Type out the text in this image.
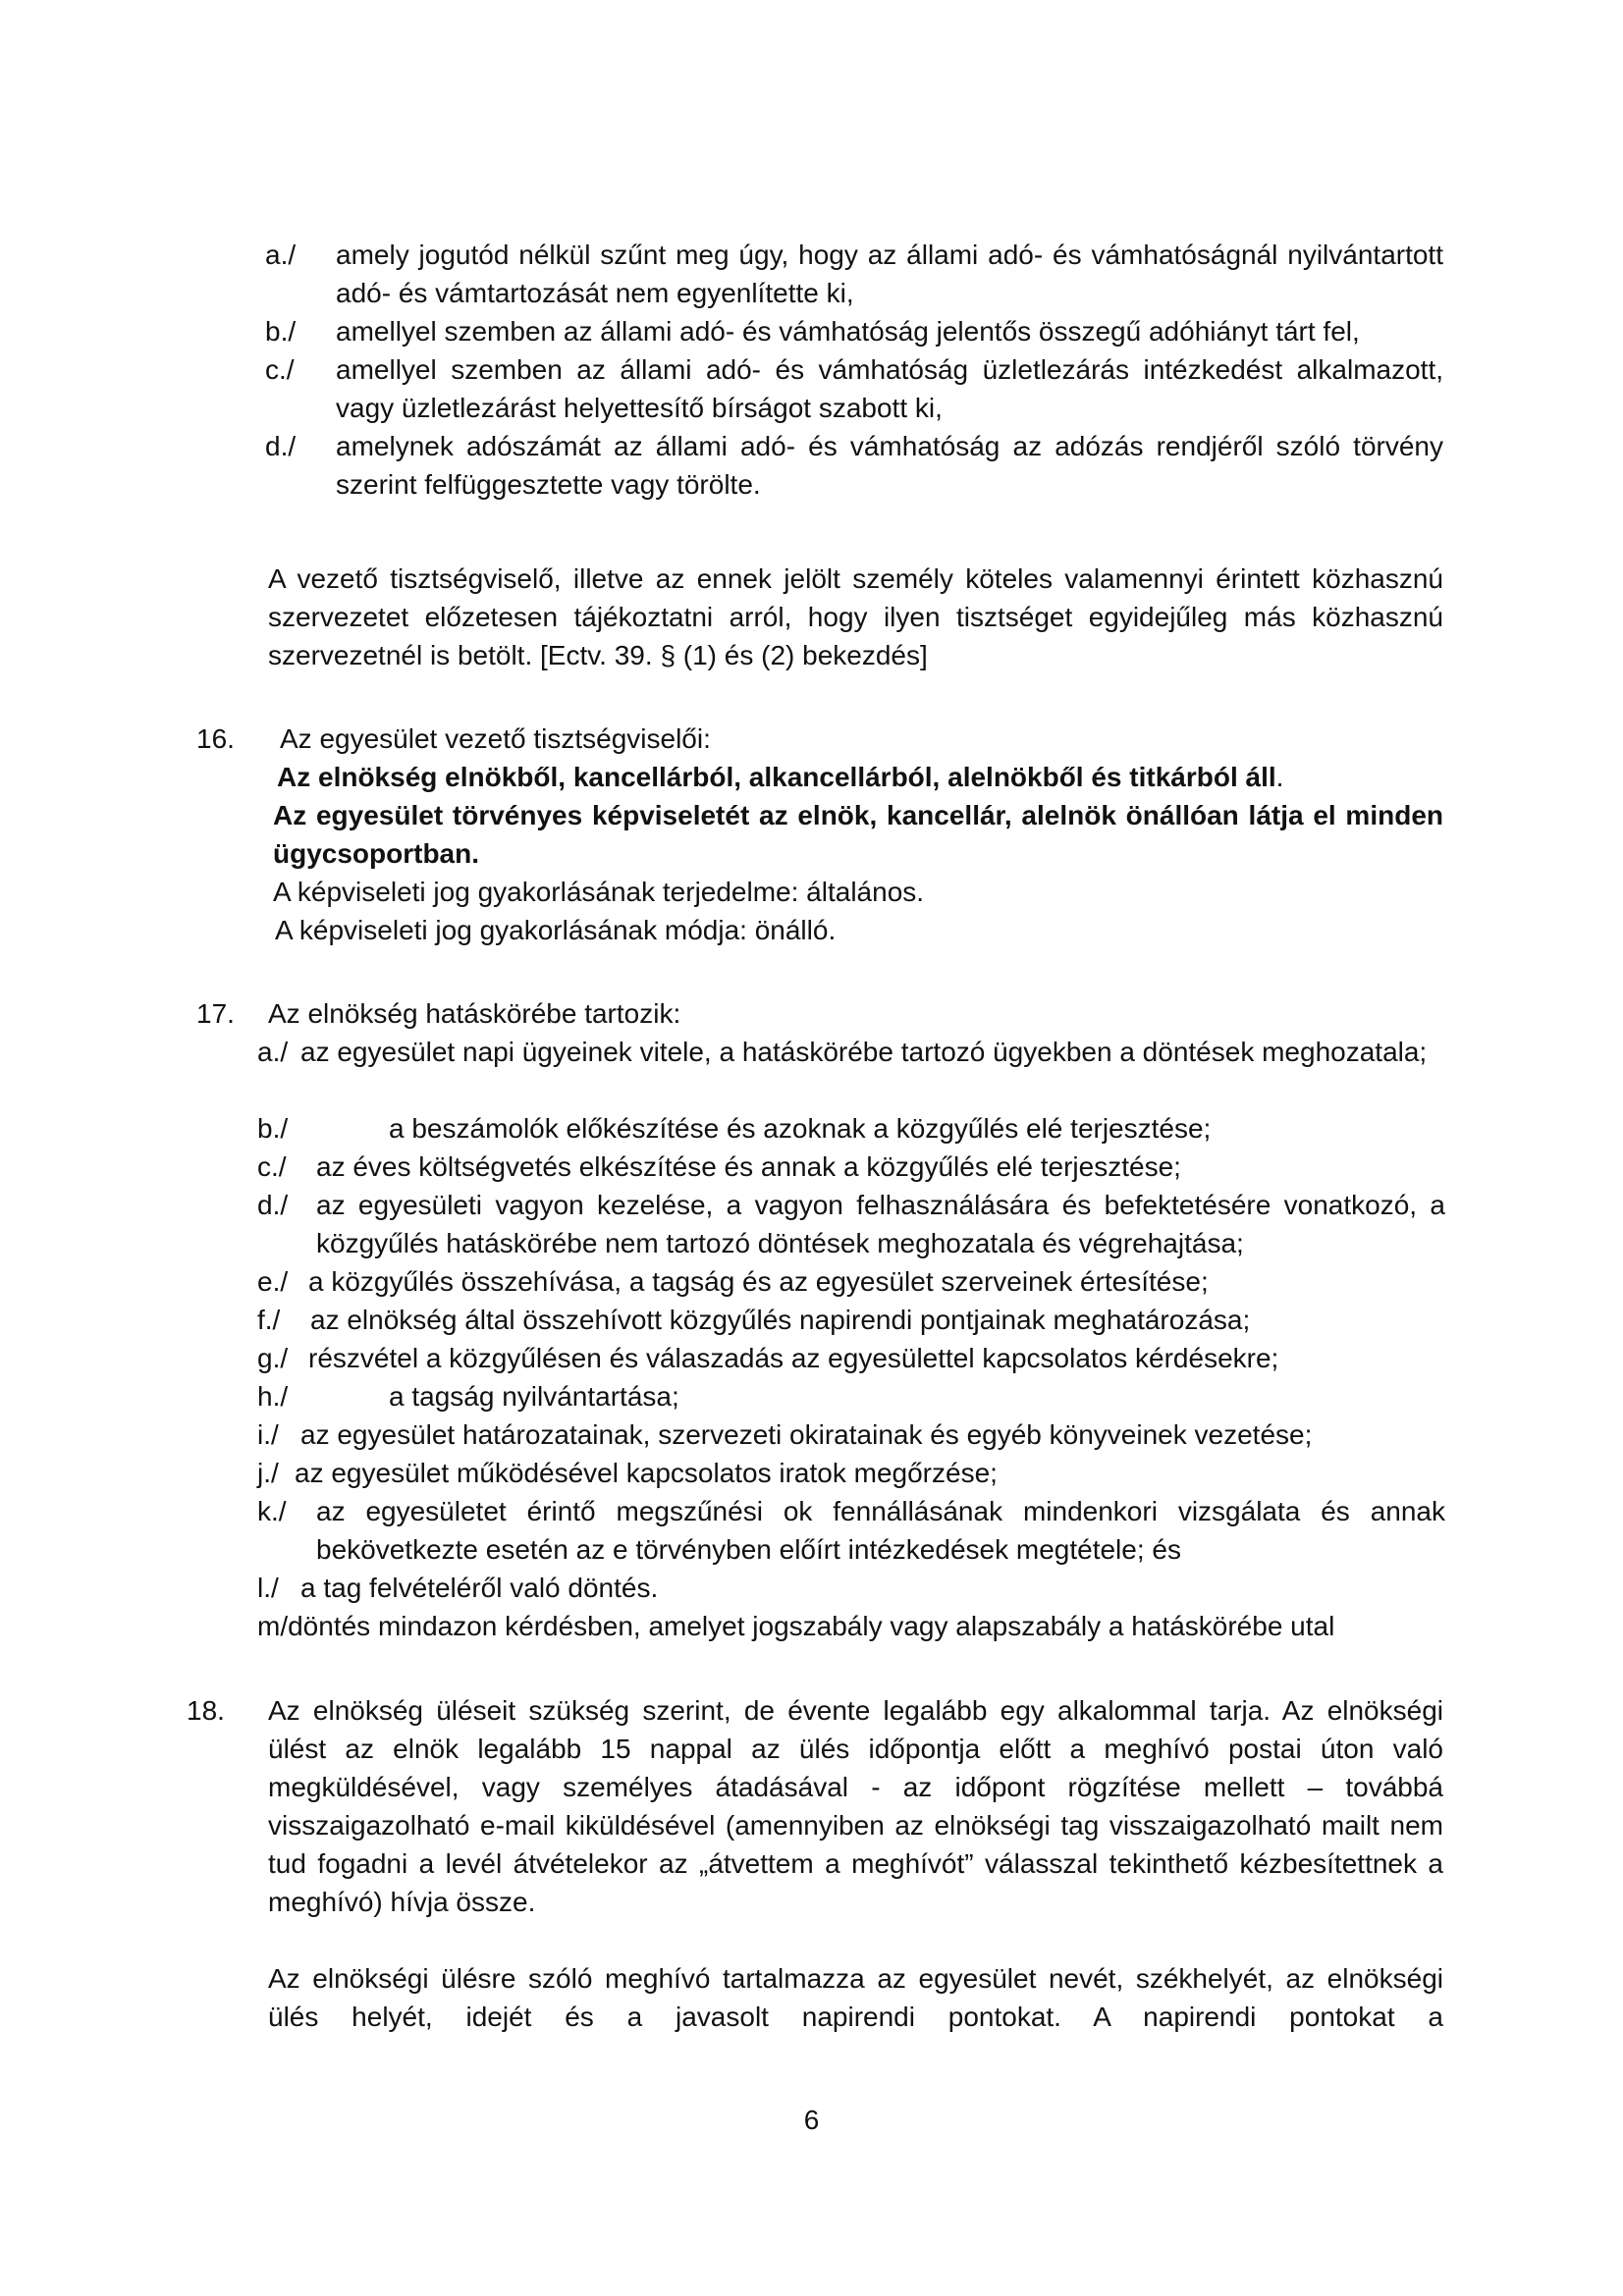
a./ amely jogutód nélkül szűnt meg úgy, hogy az állami adó- és vámhatóságnál nyilvántartott adó- és vámtartozását nem egyenlítette ki,
b./ amellyel szemben az állami adó- és vámhatóság jelentős összegű adóhiányt tárt fel,
c./ amellyel szemben az állami adó- és vámhatóság üzletlezárás intézkedést alkalmazott, vagy üzletlezárást helyettesítő bírságot szabott ki,
d./ amelynek adószámát az állami adó- és vámhatóság az adózás rendjéről szóló törvény szerint felfüggesztette vagy törölte.
A vezető tisztségviselő, illetve az ennek jelölt személy köteles valamennyi érintett közhasznú szervezetet előzetesen tájékoztatni arról, hogy ilyen tisztséget egyidejűleg más közhasznú szervezetnél is betölt. [Ectv. 39. § (1) és (2) bekezdés]
16. Az egyesület vezető tisztségviselői:
Az elnökség elnökből, kancellárból, alkancellárból, alelnökből és titkárból áll.
Az egyesület törvényes képviseletét az elnök, kancellár, alelnök önállóan látja el minden ügycsoportban.
A képviseleti jog gyakorlásának terjedelme: általános.
A képviseleti jog gyakorlásának módja: önálló.
17. Az elnökség hatáskörébe tartozik:
a./ az egyesület napi ügyeinek vitele, a hatáskörébe tartozó ügyekben a döntések meghozatala;
b./	a beszámolók előkészítése és azoknak a közgyűlés elé terjesztése;
c./ az éves költségvetés elkészítése és annak a közgyűlés elé terjesztése;
d./ az egyesületi vagyon kezelése, a vagyon felhasználására és befektetésére vonatkozó, a közgyűlés hatáskörébe nem tartozó döntések meghozatala és végrehajtása;
e./ a közgyűlés összehívása, a tagság és az egyesület szerveinek értesítése;
f./ az elnökség által összehívott közgyűlés napirendi pontjainak meghatározása;
g./ részvétel a közgyűlésen és válaszadás az egyesülettel kapcsolatos kérdésekre;
h./	a tagság nyilvántartása;
i./ az egyesület határozatainak, szervezeti okiratainak és egyéb könyveinek vezetése;
j./ az egyesület működésével kapcsolatos iratok megőrzése;
k./ az egyesületet érintő megszűnési ok fennállásának mindenkori vizsgálata és annak bekövetkezte esetén az e törvényben előírt intézkedések megtétele; és
l./ a tag felvételéről való döntés.
m/döntés mindazon kérdésben, amelyet jogszabály vagy alapszabály a hatáskörébe utal
18. Az elnökség üléseit szükség szerint, de évente legalább egy alkalommal tarja. Az elnökségi ülést az elnök legalább 15 nappal az ülés időpontja előtt a meghívó postai úton való megküldésével, vagy személyes átadásával - az időpont rögzítése mellett – továbbá visszaigazolható e-mail kiküldésével (amennyiben az elnökségi tag visszaigazolható mailt nem tud fogadni a levél átvételekor az „átvettem a meghívót” válasszal tekinthető kézbesítettnek a meghívó) hívja össze.
Az elnökségi ülésre szóló meghívó tartalmazza az egyesület nevét, székhelyét, az elnökségi ülés helyét, idejét és a javasolt napirendi pontokat. A napirendi pontokat a
6
